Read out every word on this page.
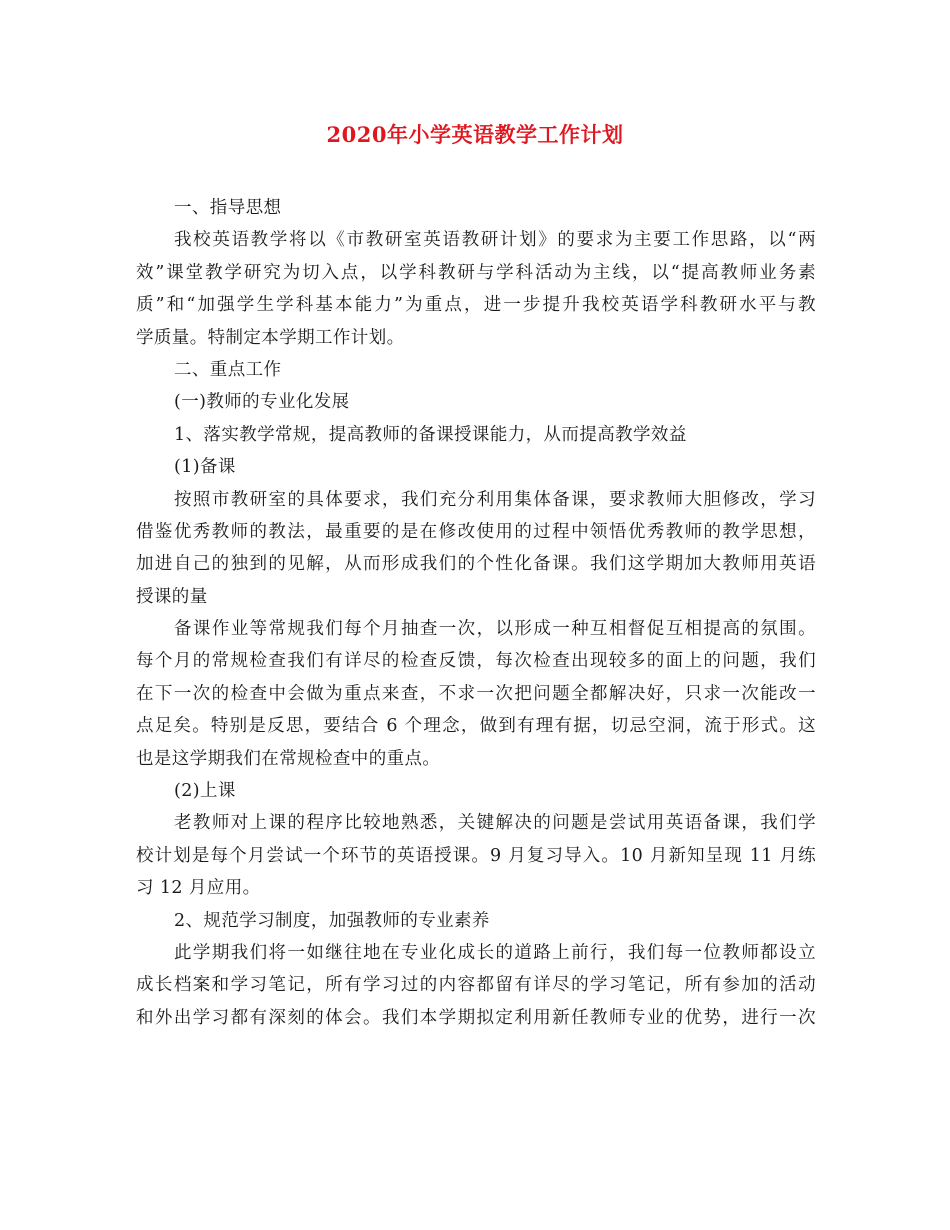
2020年小学英语教学工作计划
一、指导思想
我校英语教学将以《市教研室英语教研计划》的要求为主要工作思路，以“两
效”课堂教学研究为切入点，以学科教研与学科活动为主线，以“提高教师业务素
质”和“加强学生学科基本能力”为重点，进一步提升我校英语学科教研水平与教
学质量。特制定本学期工作计划。
二、重点工作
(一)教师的专业化发展
1、落实教学常规，提高教师的备课授课能力，从而提高教学效益
(1)备课
按照市教研室的具体要求，我们充分利用集体备课，要求教师大胆修改，学习
借鉴优秀教师的教法，最重要的是在修改使用的过程中领悟优秀教师的教学思想，
加进自己的独到的见解，从而形成我们的个性化备课。我们这学期加大教师用英语
授课的量
备课作业等常规我们每个月抽查一次，以形成一种互相督促互相提高的氛围。
每个月的常规检查我们有详尽的检查反馈，每次检查出现较多的面上的问题，我们
在下一次的检查中会做为重点来查，不求一次把问题全都解决好，只求一次能改一
点足矣。特别是反思，要结合 6 个理念，做到有理有据，切忌空洞，流于形式。这
也是这学期我们在常规检查中的重点。
(2)上课
老教师对上课的程序比较地熟悉，关键解决的问题是尝试用英语备课，我们学
校计划是每个月尝试一个环节的英语授课。9 月复习导入。10 月新知呈现 11 月练
习 12 月应用。
2、规范学习制度，加强教师的专业素养
此学期我们将一如继往地在专业化成长的道路上前行，我们每一位教师都设立
成长档案和学习笔记，所有学习过的内容都留有详尽的学习笔记，所有参加的活动
和外出学习都有深刻的体会。我们本学期拟定利用新任教师专业的优势，进行一次
